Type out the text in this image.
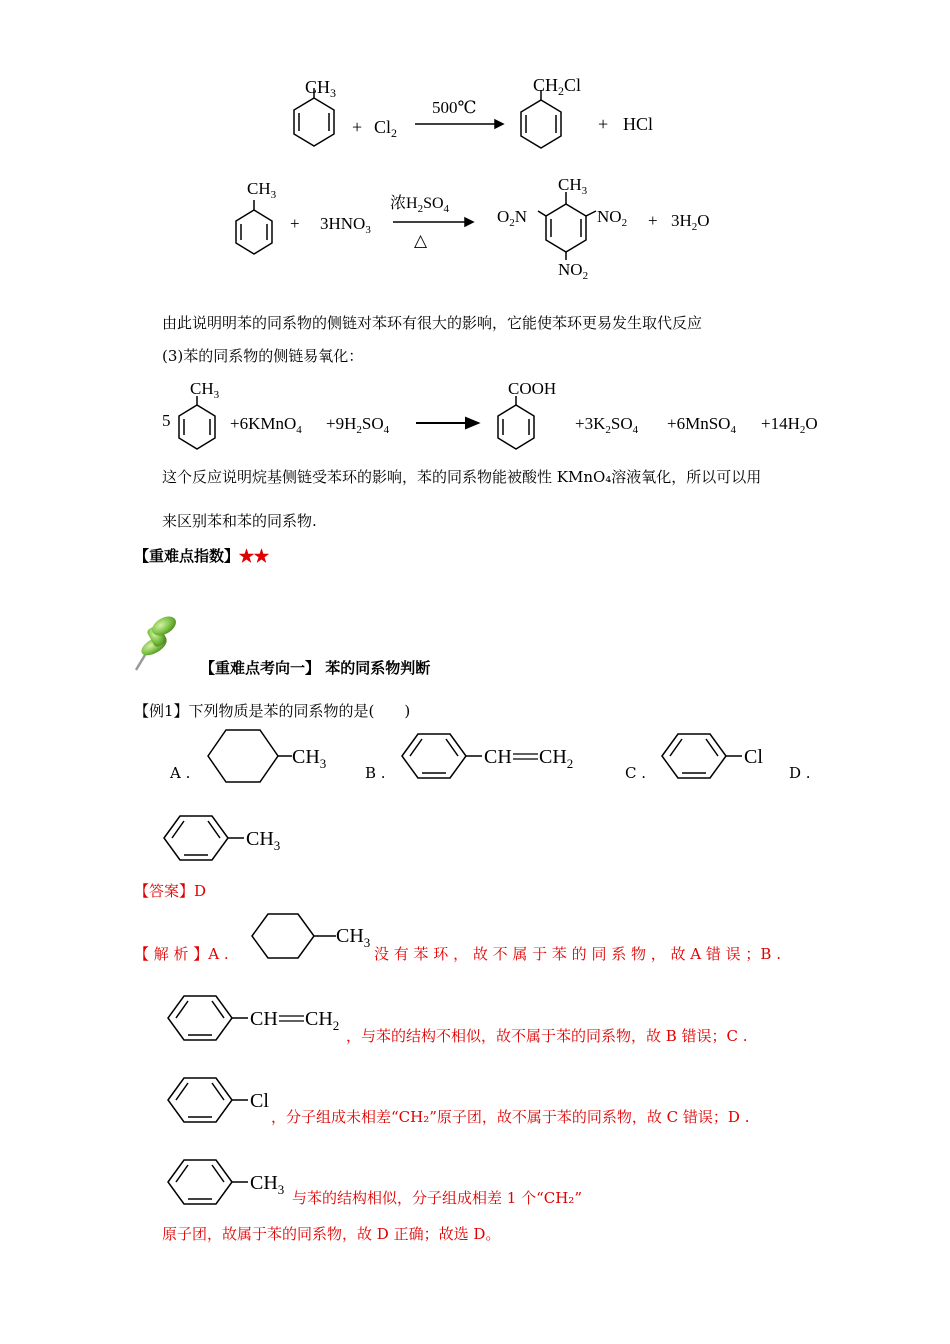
$CH_3$
+ $Cl_2$
500℃
$CH_2Cl$
+ HCl
$CH_3$
+ $3HNO_3$
浓$H_2SO_4$
△
$CH_3$
$O_2N$	$NO_2$
$NO_2$
+ $3H_2O$
由此说明明苯的同系物的侧链对苯环有很大的影响，它能使苯环更易发生取代反应
(3)苯的同系物的侧链易氧化：
5
$CH_3$
+6KMnO$_4$ $+9H_2SO_4$
COOH
$+3K_2SO_4$ +6MnSO$_4$ $+14H_2O$
这个反应说明烷基侧链受苯环的影响，苯的同系物能被酸性 KMnO₄溶液氧化，所以可以用
来区别苯和苯的同系物.
【重难点指数】★★
【重难点考向一】 苯的同系物判断
【例1】下列物质是苯的同系物的是(　　)
A .
$CH_3$
B .
CH $CH_2$
C .
Cl
D .
$CH_3$
【答案】D
【 解 析 】A .
$CH_3$
没 有 苯 环 ， 故 不 属 于 苯 的 同 系 物 ， 故 A 错 误 ；B .
CH $CH_2$
，与苯的结构不相似，故不属于苯的同系物，故 B 错误；C .
Cl
，分子组成未相差“CH₂”原子团，故不属于苯的同系物，故 C 错误；D .
$CH_3$ 与苯的结构相似，分子组成相差 1 个“CH₂”
原子团，故属于苯的同系物，故 D 正确；故选 D。
